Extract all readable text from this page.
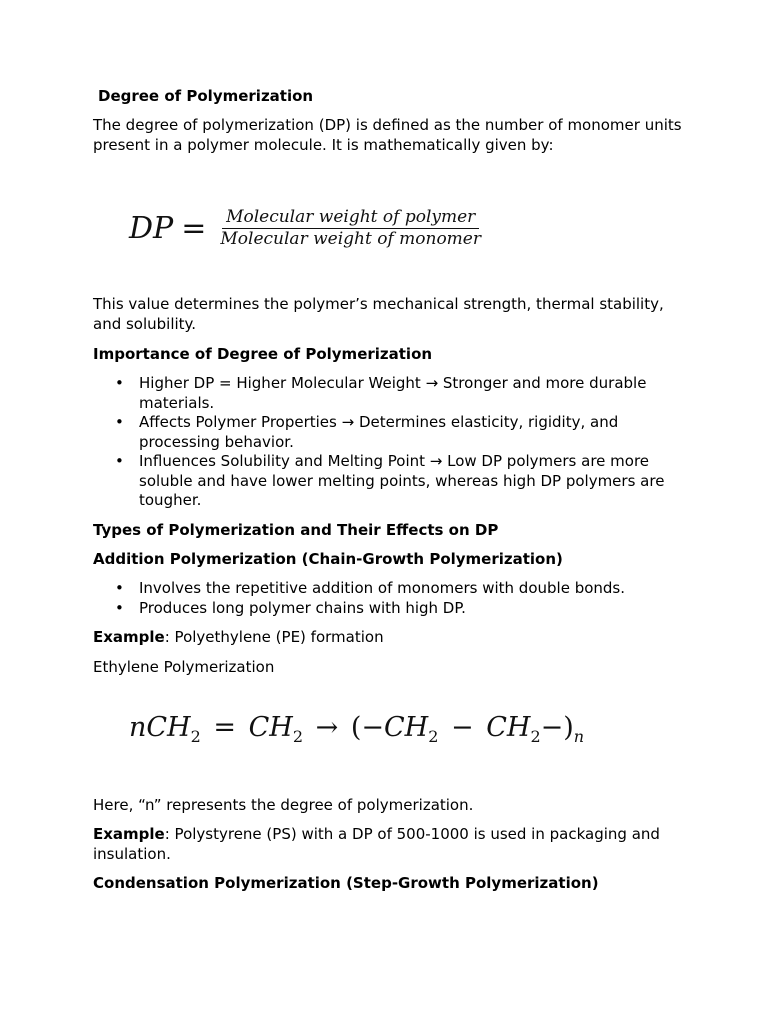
Degree of Polymerization
The degree of polymerization (DP) is defined as the number of monomer units present in a polymer molecule. It is mathematically given by:
DP = $\frac{\text{Molecular weight of polymer}}{\text{Molecular weight of monomer}}$
This value determines the polymer’s mechanical strength, thermal stability, and solubility.
Importance of Degree of Polymerization
• Higher DP = Higher Molecular Weight → Stronger and more durable materials.
• Affects Polymer Properties → Determines elasticity, rigidity, and processing behavior.
• Influences Solubility and Melting Point → Low DP polymers are more soluble and have lower melting points, whereas high DP polymers are tougher.
Types of Polymerization and Their Effects on DP
Addition Polymerization (Chain-Growth Polymerization)
• Involves the repetitive addition of monomers with double bonds.
• Produces long polymer chains with high DP.
Example: Polyethylene (PE) formation
Ethylene Polymerization
$nCH_2 = CH_2 \to (-CH_2 - CH_2-)_n$
Here, “n” represents the degree of polymerization.
Example: Polystyrene (PS) with a DP of 500-1000 is used in packaging and insulation.
Condensation Polymerization (Step-Growth Polymerization)
